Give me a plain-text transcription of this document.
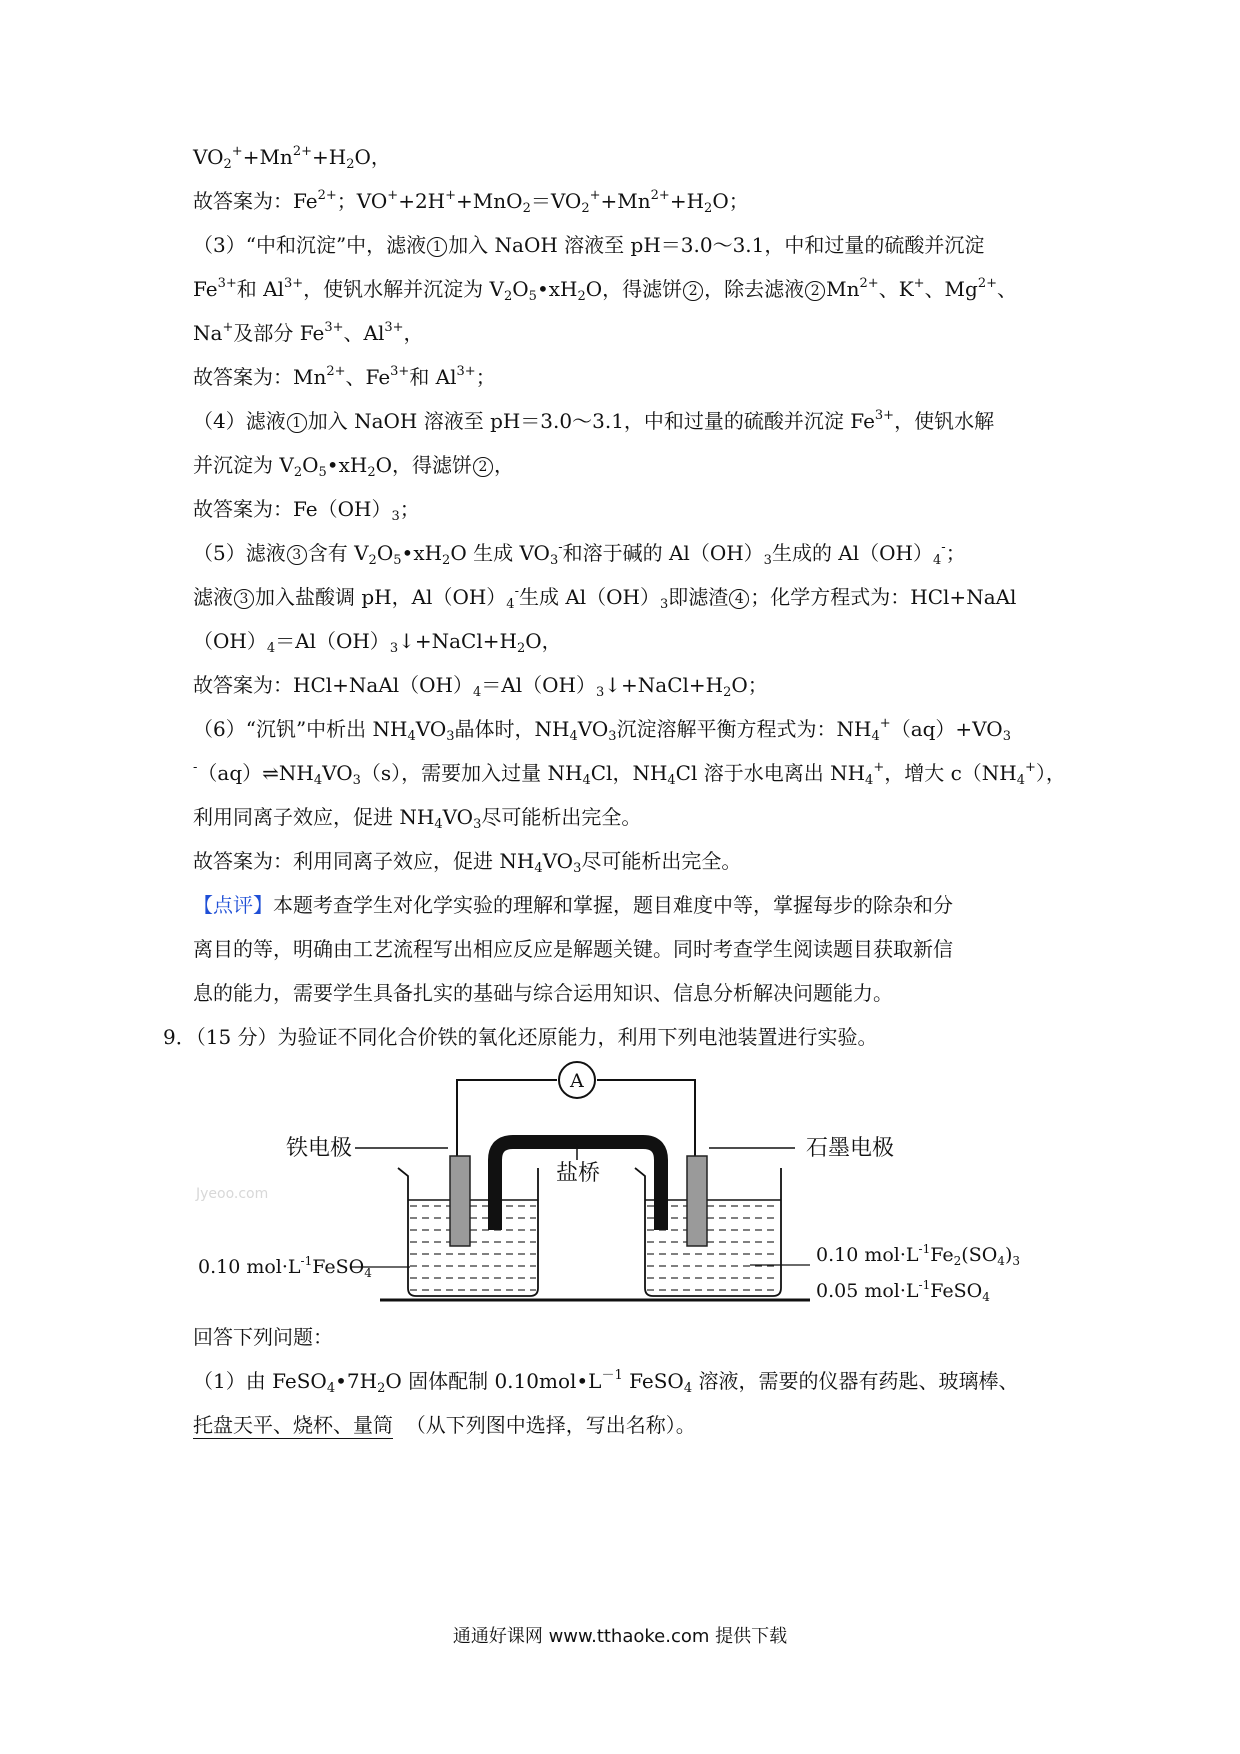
$VO_2^++Mn^{2+}+H_2O$，
故答案为：$Fe^{2+}$；$VO^++2H^++MnO_2=VO_2^++Mn^{2+}+H_2O$；
（3）“中和沉淀”中，滤液 1 加入 NaOH 溶液至 pH＝3.0～3.1，中和过量的硫酸并沉淀
$Fe^{3+}$和 $Al^{3+}$，使钒水解并沉淀为 $V_2O_5•xH_2O$，得滤饼 2 ，除去滤液 2 $Mn^{2+}$、K+、$Mg^{2+}$、
Na+及部分 $Fe^{3+}$、$Al^{3+}$，
故答案为：$Mn^{2+}$、$Fe^{3+}$和 $Al^{3+}$；
（4）滤液 1 加入 NaOH 溶液至 pH＝3.0～3.1，中和过量的硫酸并沉淀 $Fe^{3+}$，使钒水解
并沉淀为 $V_2O_5•xH_2O$，得滤饼 2 ，
故答案为：$Fe(OH)_3$；
（5）滤液 3 含有 $V_2O_5•xH_2O$ 生成 $VO_3^-$和溶于碱的 $Al(OH)_3$生成的 $Al(OH)_4^-$；
滤液 3 加入盐酸调 pH，$Al(OH)_4^-$生成 $Al(OH)_3$即滤渣 4 ；化学方程式为：HCl+NaAl
$(OH)_4=Al(OH)_3↓+NaCl+H_2O$，
故答案为：$HCl+NaAl(OH)_4=Al(OH)_3↓+NaCl+H_2O$；
（6）“沉钒”中析出 $NH_4VO_3$晶体时，$NH_4VO_3$沉淀溶解平衡方程式为：$NH_4^+(aq)+VO_3$
$^-(aq)\rightleftharpoons NH_4VO_3(s)$，需要加入过量 $NH_4Cl$，$NH_4Cl$ 溶于水电离出 $NH_4^+$，增大 $c(NH_4^+)$，
利用同离子效应，促进 $NH_4VO_3$尽可能析出完全。
故答案为：利用同离子效应，促进 $NH_4VO_3$尽可能析出完全。
【点评】本题考查学生对化学实验的理解和掌握，题目难度中等，掌握每步的除杂和分
离目的等，明确由工艺流程写出相应反应是解题关键。同时考查学生阅读题目获取新信
息的能力，需要学生具备扎实的基础与综合运用知识、信息分析解决问题能力。
9．（15 分）为验证不同化合价铁的氧化还原能力，利用下列电池装置进行实验。
A
铁电极	石墨电极
盐桥
Jyeoo.com
0.10 $mol\cdot L^{-1}FeSO_4$
0.10 $mol\cdot L^{-1}Fe_2(SO_4)_3$
0.05 $mol\cdot L^{-1}FeSO_4$
回答下列问题：
（1）由 $FeSO_4•7H_2O$ 固体配制 $0.10mol•L^{-1}$ FeSO$_4$ 溶液，需要的仪器有药匙、玻璃棒、
托盘天平、烧杯、量筒 （从下列图中选择，写出名称）。
通通好课网 www.tthaoke.com 提供下载
